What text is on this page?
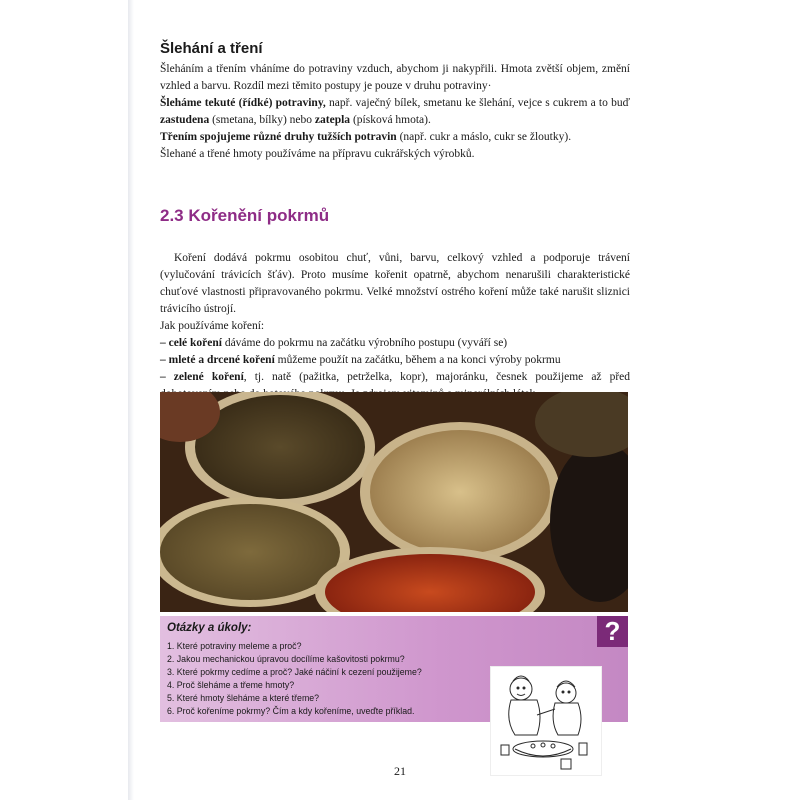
Šlehání a tření

Šleháním a třením vháníme do potraviny vzduch, abychom ji nakypřili. Hmota zvětší objem, změní vzhled a barvu. Rozdíl mezi těmito postupy je pouze v druhu potraviny·

Šleháme tekuté (řídké) potraviny, např. vaječný bílek, smetanu ke šlehání, vejce s cukrem a to buď zastudena (smetana, bílky) nebo zatepla (písková hmota).

Třením spojujeme různé druhy tužších potravin (např. cukr a máslo, cukr se žloutky).

Šlehané a třené hmoty používáme na přípravu cukrářských výrobků.

2.3 Kořenění pokrmů

Koření dodává pokrmu osobitou chuť, vůni, barvu, celkový vzhled a podporuje trávení (vylučování trávicích šťáv). Proto musíme kořenit opatrně, abychom nenarušili charakteristické chuťové vlastnosti připravovaného pokrmu. Velké množství ostrého koření může také narušit sliznici trávicího ústrojí.

Jak používáme koření:

– celé koření dáváme do pokrmu na začátku výrobního postupu (vyváří se)

– mleté a drcené koření můžeme použít na začátku, během a na konci výroby pokrmu

– zelené koření, tj. natě (pažitka, petrželka, kopr), majoránku, česnek použijeme až před

Otázky a úkoly:
1. Které potraviny meleme a proč?
2. Jakou mechanickou úpravou docílíme kašovitosti pokrmu?
3. Které pokrmy cedíme a proč? Jaké náčiní k cezení použijeme?
4. Proč šleháme a třeme hmoty?
5. Které hmoty šleháme a které třeme?
6. Proč kořeníme pokrmy? Čím a kdy kořeníme, uveďte příklad.
?
21
